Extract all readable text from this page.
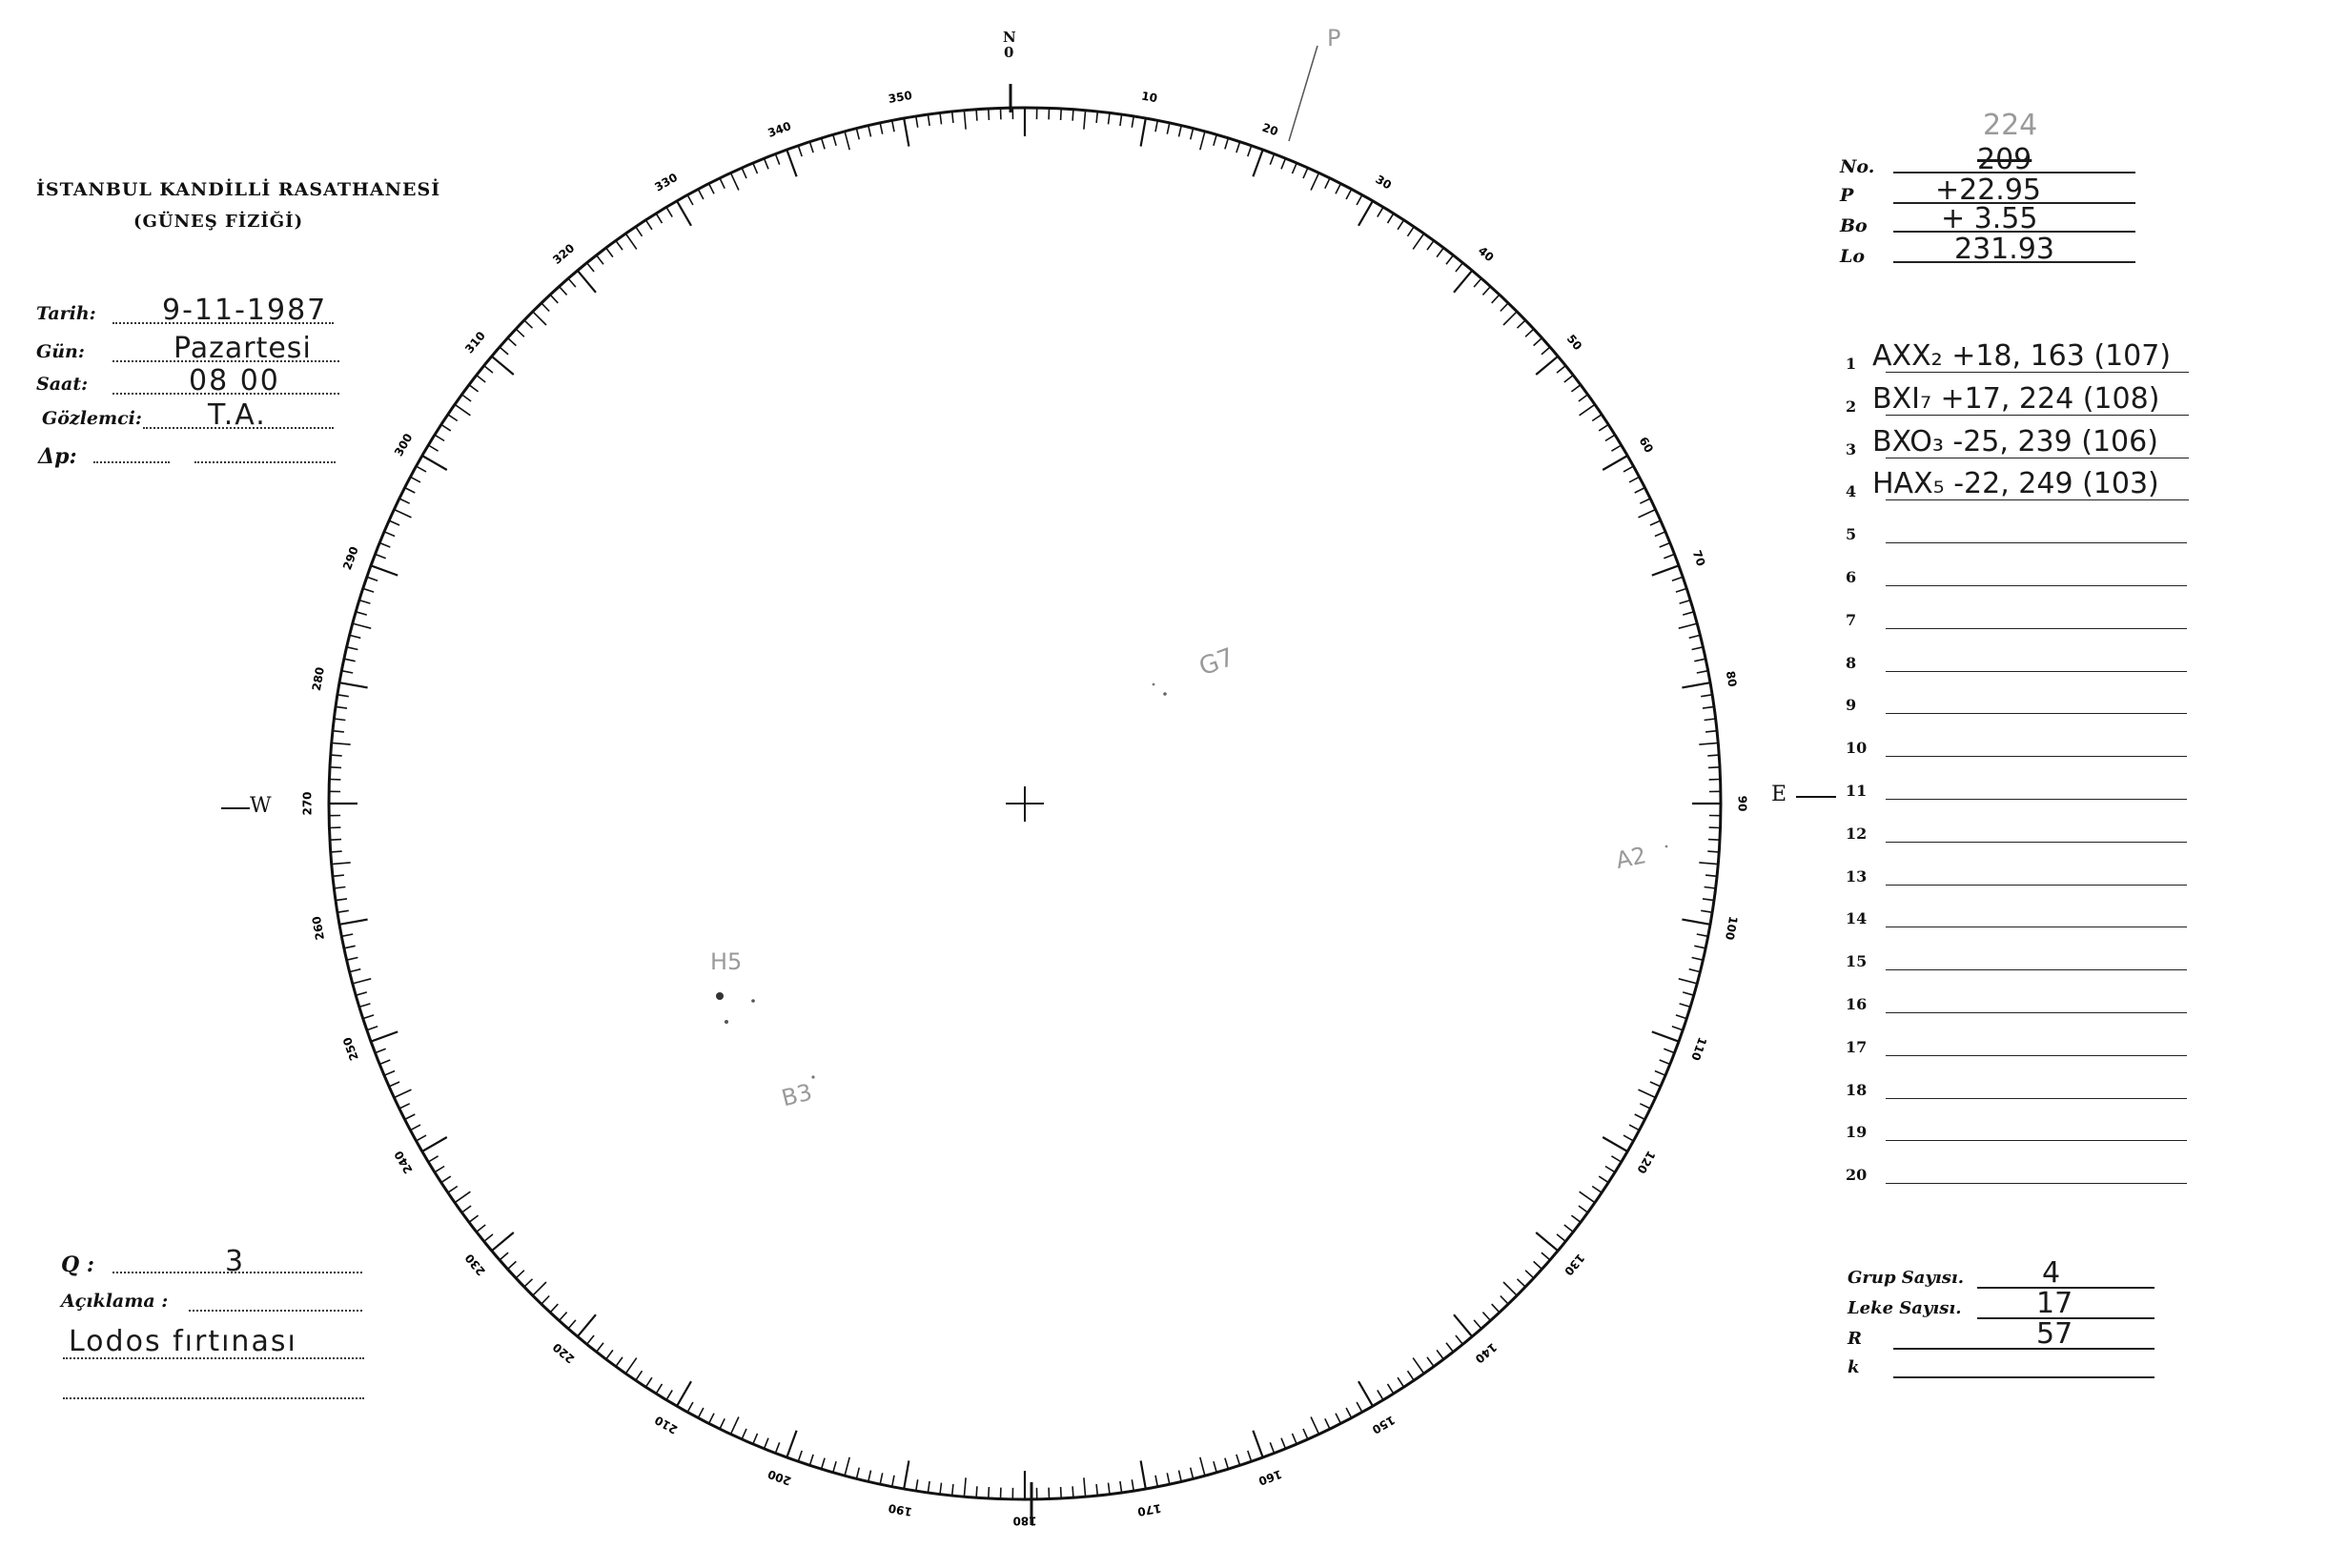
İSTANBUL KANDİLLİ RASATHANESİ
(GÜNEŞ FİZİĞİ)
Tarih: 9-11-1987
Gün:	Pazartesi
Saat:	08 00
Gözlemci: T.A.
Δp:
224
No.	209
P	+22.95
Bo	+ 3.55
Lo	231.93
1 AXX₂ +18, 163 (107)
2 BXI₇ +17, 224 (108)
3 BXO₃ -25, 239 (106)
4 HAX₅ -22, 249 (103)
5
6
7
8
9
10
11
12
13
14
15
16
17
18
19
20
Grup Sayısı.	4
Leke Sayısı.	17
R	57
k
Q :	3
Açıklama :
Lodos fırtınası
10
20
30
40
50
60
70
80
90
100
110
120
130
140
150
160
170
180
190
200
210
220
230
240
250
260
270
280
290
300
310
320
330
340
350
N
0
E
W
P
G7
A2
H5
B3
